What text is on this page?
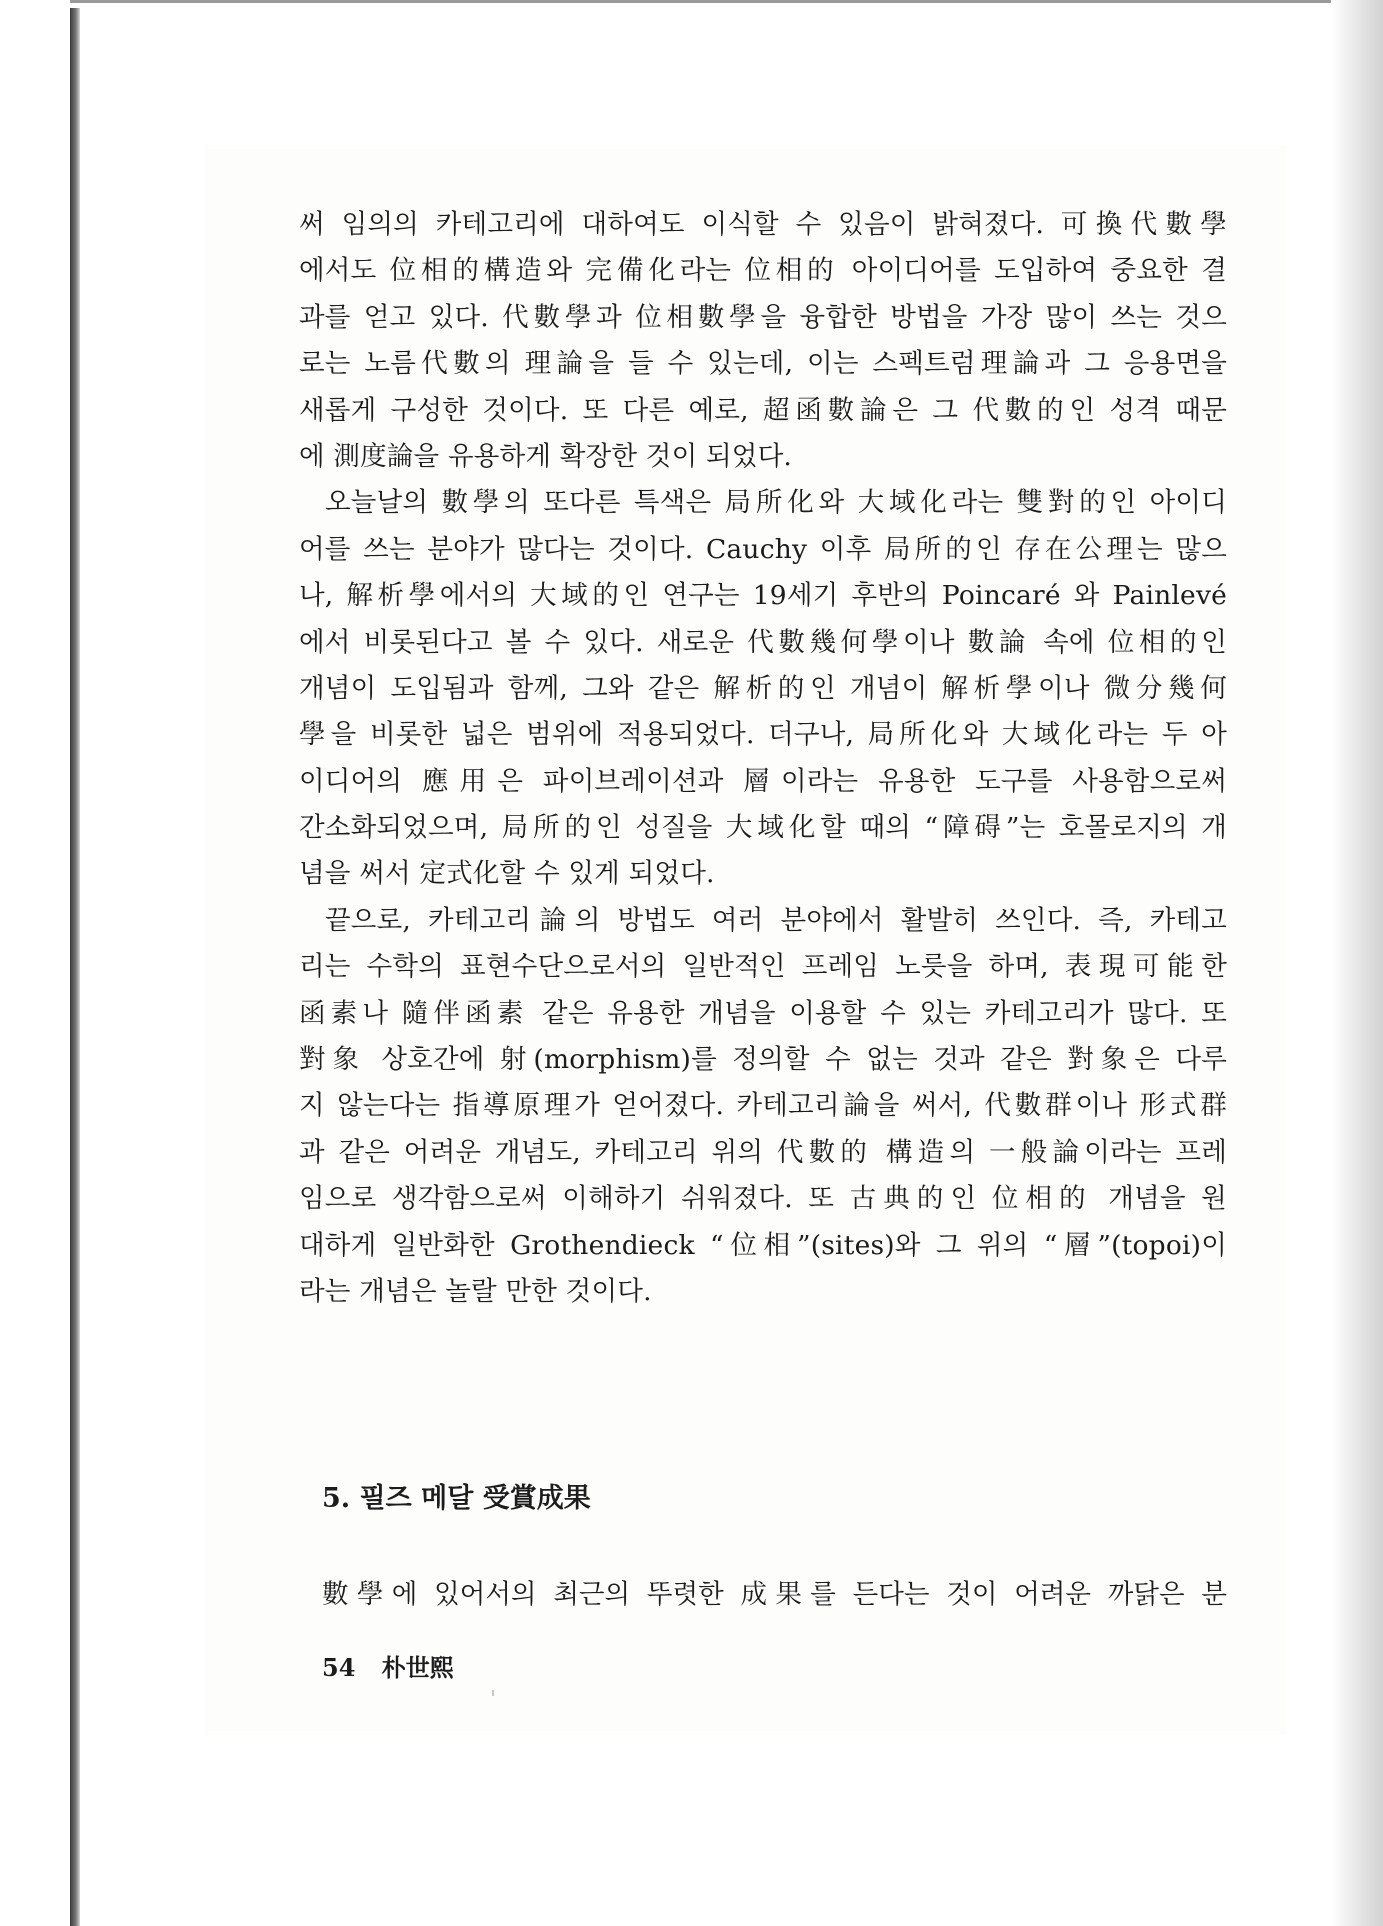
써 임의의 카테고리에 대하여도 이식할 수 있음이 밝혀졌다. 可換代數學
에서도 位相的構造와 完備化라는 位相的 아이디어를 도입하여 중요한 결
과를 얻고 있다. 代數學과 位相數學을 융합한 방법을 가장 많이 쓰는 것으
로는 노름代數의 理論을 들 수 있는데, 이는 스펙트럼理論과 그 응용면을
새롭게 구성한 것이다. 또 다른 예로, 超函數論은 그 代數的인 성격 때문
에 測度論을 유용하게 확장한 것이 되었다.
오늘날의 數學의 또다른 특색은 局所化와 大域化라는 雙對的인 아이디
어를 쓰는 분야가 많다는 것이다. Cauchy 이후 局所的인 存在公理는 많으
나, 解析學에서의 大域的인 연구는 19세기 후반의 Poincaré 와 Painlevé
에서 비롯된다고 볼 수 있다. 새로운 代數幾何學이나 數論 속에 位相的인
개념이 도입됨과 함께, 그와 같은 解析的인 개념이 解析學이나 微分幾何
學을 비롯한 넓은 범위에 적용되었다. 더구나, 局所化와 大域化라는 두 아
이디어의 應用은 파이브레이션과 層이라는 유용한 도구를 사용함으로써
간소화되었으며, 局所的인 성질을 大域化할 때의 “障碍”는 호몰로지의 개
념을 써서 定式化할 수 있게 되었다.
끝으로, 카테고리論의 방법도 여러 분야에서 활발히 쓰인다. 즉, 카테고
리는 수학의 표현수단으로서의 일반적인 프레임 노릇을 하며, 表現可能한
函素나 隨伴函素 같은 유용한 개념을 이용할 수 있는 카테고리가 많다. 또
對象 상호간에 射(morphism)를 정의할 수 없는 것과 같은 對象은 다루
지 않는다는 指導原理가 얻어졌다. 카테고리論을 써서, 代數群이나 形式群
과 같은 어려운 개념도, 카테고리 위의 代數的 構造의 一般論이라는 프레
임으로 생각함으로써 이해하기 쉬워졌다. 또 古典的인 位相的 개념을 원
대하게 일반화한 Grothendieck “位相”(sites)와 그 위의 “層”(topoi)이
라는 개념은 놀랄 만한 것이다.
5. 필즈 메달 受賞成果
數學에 있어서의 최근의 뚜렷한 成果를 든다는 것이 어려운 까닭은 분
54 朴世熙
